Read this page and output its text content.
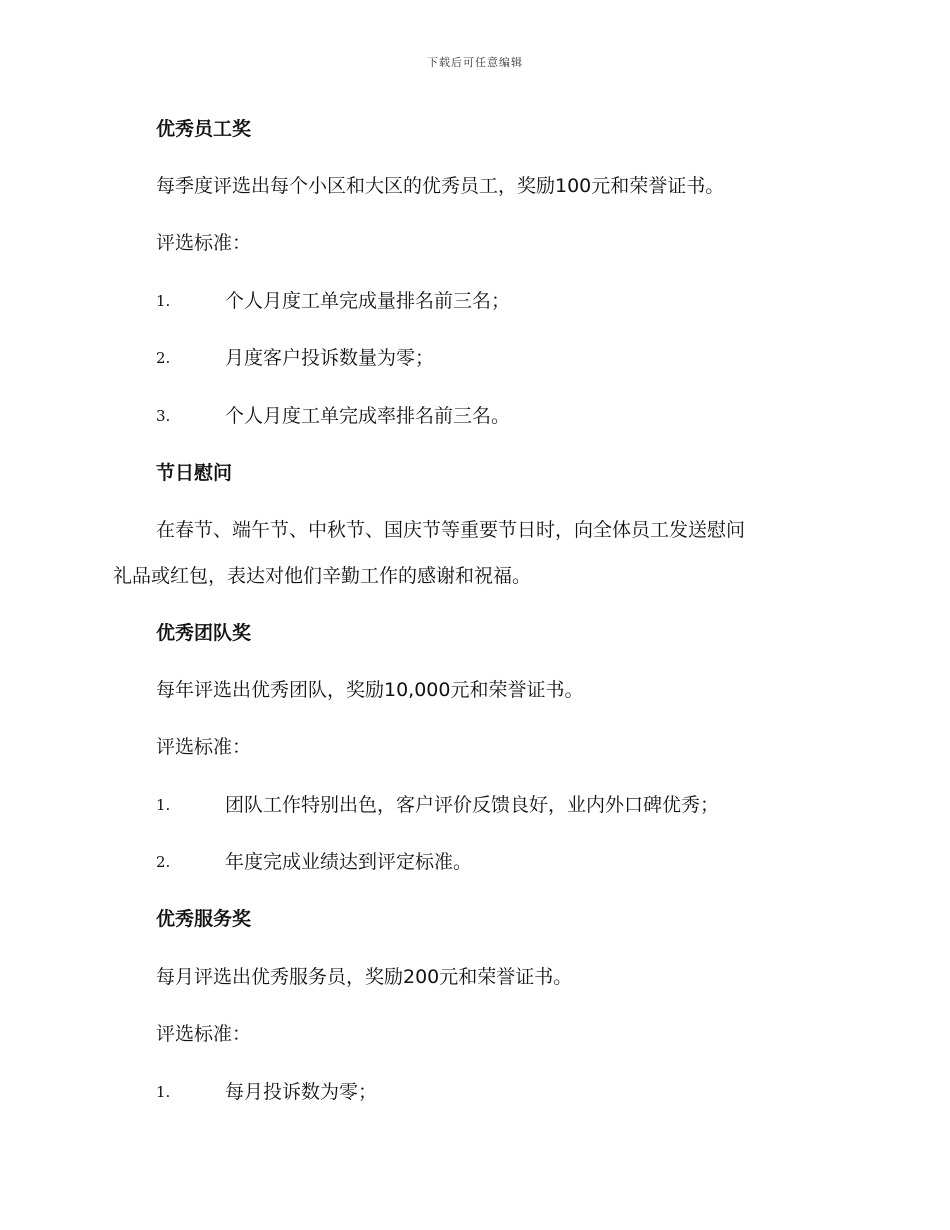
下载后可任意编辑
优秀员工奖
每季度评选出每个小区和大区的优秀员工，奖励100元和荣誉证书。
评选标准：
1.	个人月度工单完成量排名前三名；
2.	月度客户投诉数量为零；
3.	个人月度工单完成率排名前三名。
节日慰问
在春节、端午节、中秋节、国庆节等重要节日时，向全体员工发送慰问
礼品或红包，表达对他们辛勤工作的感谢和祝福。
优秀团队奖
每年评选出优秀团队，奖励10,000元和荣誉证书。
评选标准：
1.	团队工作特别出色，客户评价反馈良好，业内外口碑优秀；
2.	年度完成业绩达到评定标准。
优秀服务奖
每月评选出优秀服务员，奖励200元和荣誉证书。
评选标准：
1.	每月投诉数为零；
